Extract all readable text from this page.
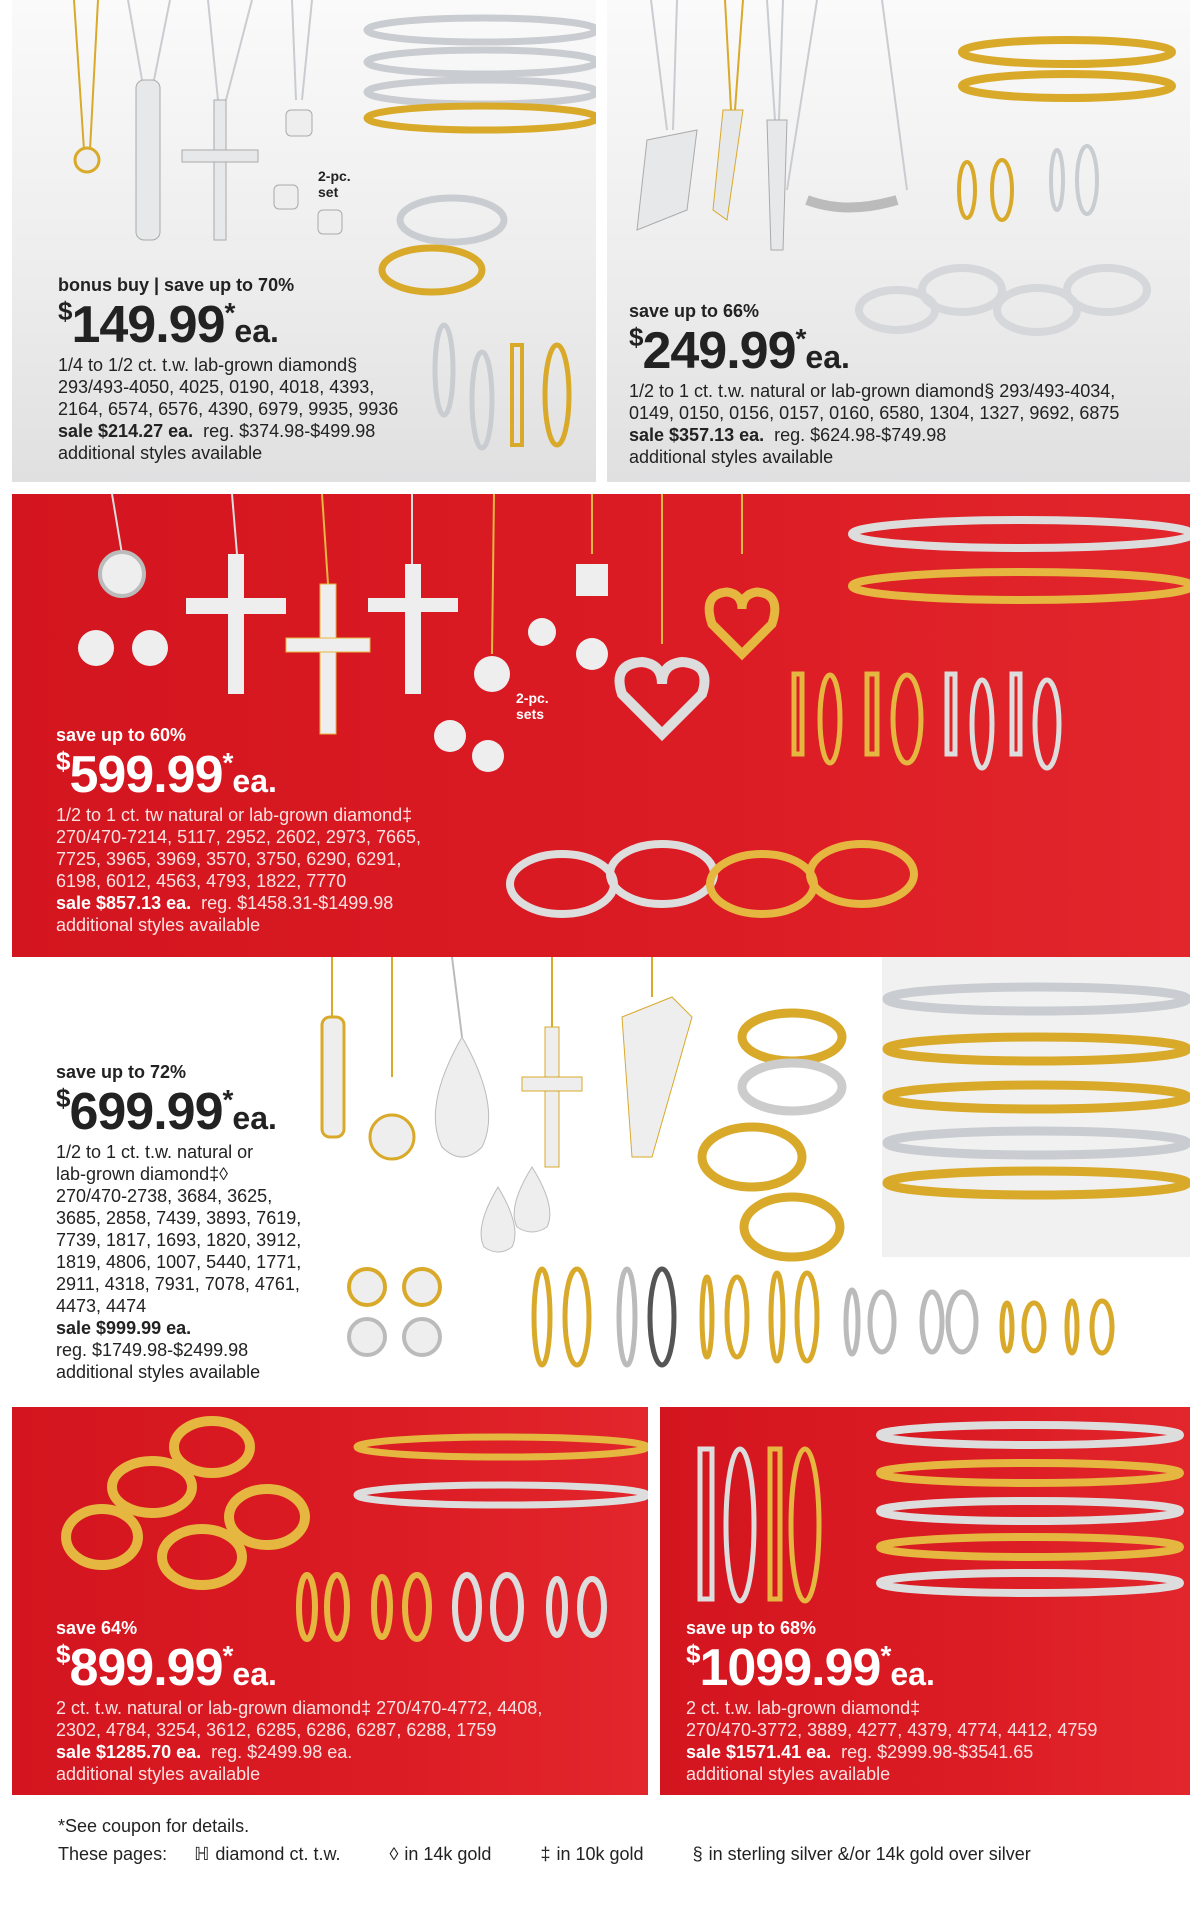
2-pc. set
bonus buy | save up to 70%
$149.99*ea.
1/4 to 1/2 ct. t.w. lab-grown diamond§
293/493-4050, 4025, 0190, 4018, 4393,
2164, 6574, 6576, 4390, 6979, 9935, 9936
sale $214.27 ea. reg. $374.98-$499.98
additional styles available
save up to 66%
$249.99*ea.
1/2 to 1 ct. t.w. natural or lab-grown diamond§ 293/493-4034,
0149, 0150, 0156, 0157, 0160, 6580, 1304, 1327, 9692, 6875
sale $357.13 ea. reg. $624.98-$749.98
additional styles available
2-pc. sets
save up to 60%
$599.99*ea.
1/2 to 1 ct. tw natural or lab-grown diamond‡
270/470-7214, 5117, 2952, 2602, 2973, 7665,
7725, 3965, 3969, 3570, 3750, 6290, 6291,
6198, 6012, 4563, 4793, 1822, 7770
sale $857.13 ea. reg. $1458.31-$1499.98
additional styles available
save up to 72%
$699.99*ea.
1/2 to 1 ct. t.w. natural or
lab-grown diamond‡◊
270/470-2738, 3684, 3625,
3685, 2858, 7439, 3893, 7619,
7739, 1817, 1693, 1820, 3912,
1819, 4806, 1007, 5440, 1771,
2911, 4318, 7931, 7078, 4761,
4473, 4474
sale $999.99 ea.
reg. $1749.98-$2499.98
additional styles available
save 64%
$899.99*ea.
2 ct. t.w. natural or lab-grown diamond‡ 270/470-4772, 4408,
2302, 4784, 3254, 3612, 6285, 6286, 6287, 6288, 1759
sale $1285.70 ea. reg. $2499.98 ea.
additional styles available
save up to 68%
$1099.99*ea.
2 ct. t.w. lab-grown diamond‡
270/470-3772, 3889, 4277, 4379, 4774, 4412, 4759
sale $1571.41 ea. reg. $2999.98-$3541.65
additional styles available
*See coupon for details.
These pages: ℍ diamond ct. t.w.	◊ in 14k gold	‡ in 10k gold	§ in sterling silver &/or 14k gold over silver
